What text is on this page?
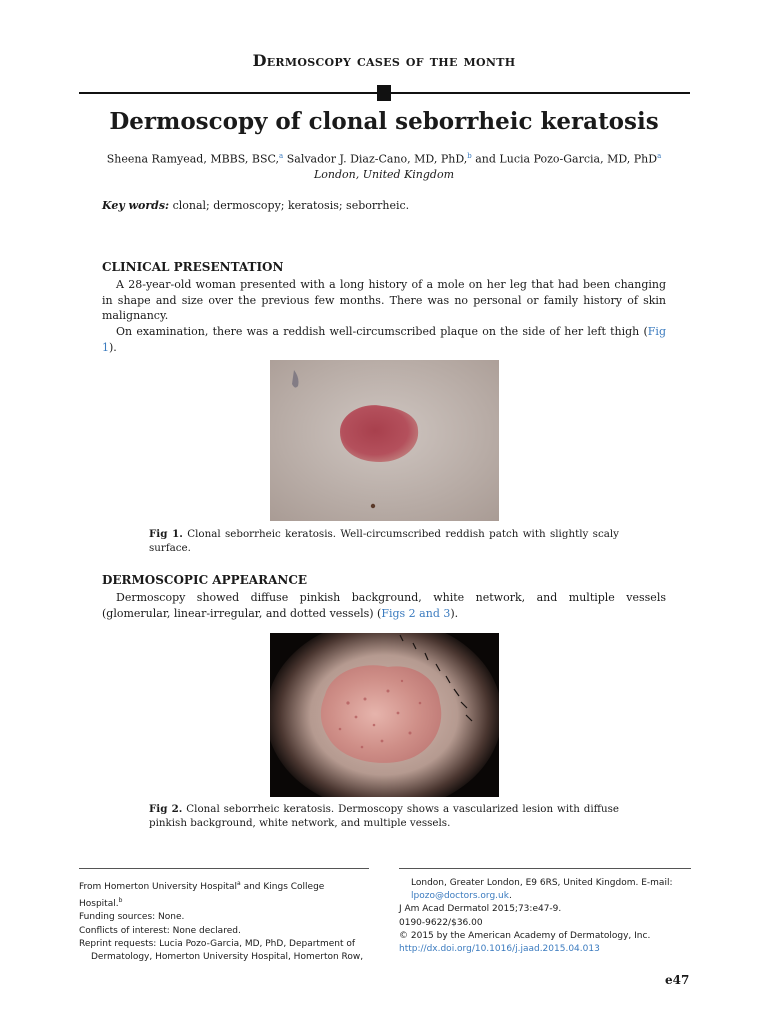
Dermoscopy cases of the month
Dermoscopy of clonal seborrheic keratosis
Sheena Ramyead, MBBS, BSC,$^a$ Salvador J. Diaz-Cano, MD, PhD,$^b$ and Lucia Pozo-Garcia, MD, PhD$^a$
London, United Kingdom
Key words: clonal; dermoscopy; keratosis; seborrheic.
CLINICAL PRESENTATION
A 28-year-old woman presented with a long history of a mole on her leg that had been changing in shape and size over the previous few months. There was no personal or family history of skin malignancy.
On examination, there was a reddish well-circumscribed plaque on the side of her left thigh (Fig 1).
Fig 1. Clonal seborrheic keratosis. Well-circumscribed reddish patch with slightly scaly surface.
DERMOSCOPIC APPEARANCE
Dermoscopy showed diffuse pinkish background, white network, and multiple vessels (glomerular, linear-irregular, and dotted vessels) (Figs 2 and 3).
Fig 2. Clonal seborrheic keratosis. Dermoscopy shows a vascularized lesion with diffuse pinkish background, white network, and multiple vessels.
From Homerton University Hospital$^a$ and Kings College Hospital.$^b$
Funding sources: None.
Conflicts of interest: None declared.
Reprint requests: Lucia Pozo-Garcia, MD, PhD, Department of
Dermatology, Homerton University Hospital, Homerton Row,
London, Greater London, E9 6RS, United Kingdom. E-mail:
lpozo@doctors.org.uk.
J Am Acad Dermatol 2015;73:e47-9.
0190-9622/$36.00
© 2015 by the American Academy of Dermatology, Inc.
http://dx.doi.org/10.1016/j.jaad.2015.04.013
e47
